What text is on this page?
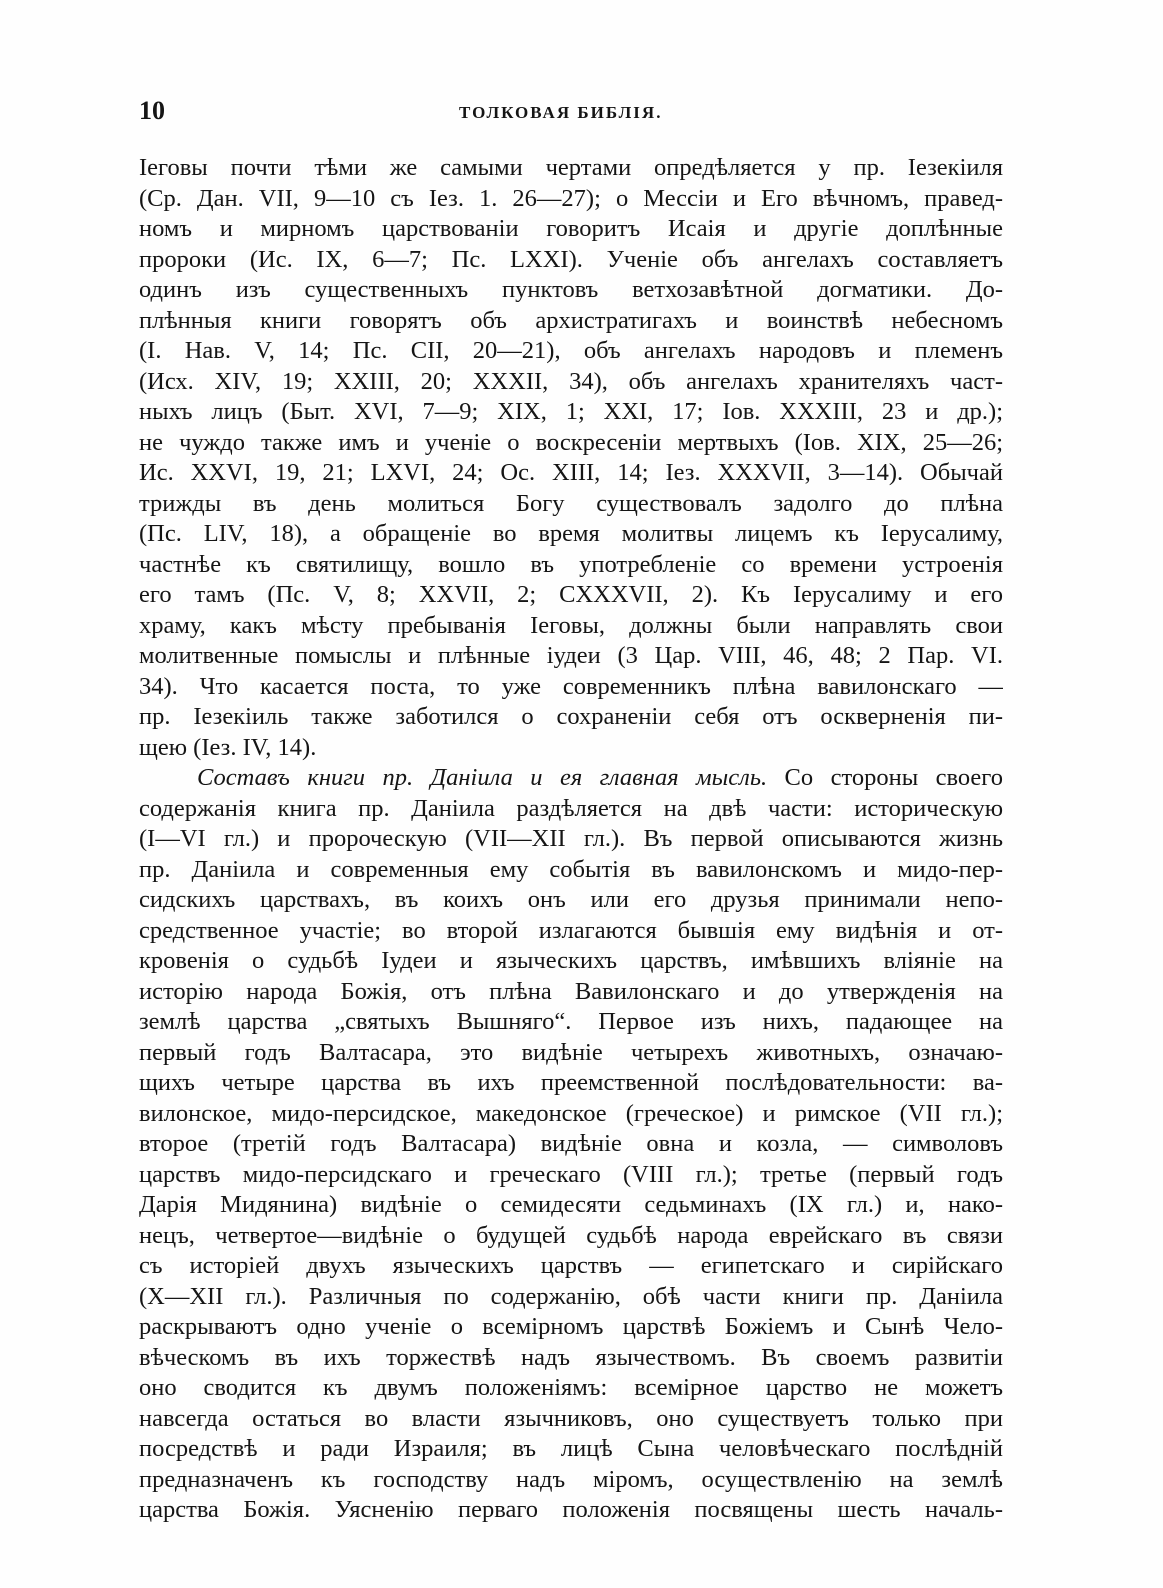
10	ТОЛКОВАЯ БИБЛІЯ.
Іеговы почти тѣми же самыми чертами опредѣляется у пр. Іезекіиля
(Ср. Дан. VII, 9—10 съ Іез. 1. 26—27); о Мессіи и Его вѣчномъ, правед-
номъ и мирномъ царствованіи говоритъ Исаія и другіе доплѣнные
пророки (Ис. IX, 6—7; Пс. LXXI). Ученіе объ ангелахъ составляетъ
одинъ изъ существенныхъ пунктовъ ветхозавѣтной догматики. До-
плѣнныя книги говорятъ объ архистратигахъ и воинствѣ небесномъ
(І. Нав. V, 14; Пс. СІІ, 20—21), объ ангелахъ народовъ и племенъ
(Исх. XIV, 19; XXIII, 20; XXXII, 34), объ ангелахъ хранителяхъ част-
ныхъ лицъ (Быт. XVI, 7—9; XIX, 1; XXI, 17; Іов. XXXIII, 23 и др.);
не чуждо также имъ и ученіе о воскресеніи мертвыхъ (Іов. XIX, 25—26;
Ис. XXVI, 19, 21; LXVI, 24; Ос. XIII, 14; Іез. XXXVII, 3—14). Обычай
трижды въ день молиться Богу существовалъ задолго до плѣна
(Пс. LIV, 18), а обращеніе во время молитвы лицемъ къ Іерусалиму,
частнѣе къ святилищу, вошло въ употребленіе со времени устроенія
его тамъ (Пс. V, 8; XXVII, 2; CXXXVII, 2). Къ Іерусалиму и его
храму, какъ мѣсту пребыванія Іеговы, должны были направлять свои
молитвенные помыслы и плѣнные іудеи (3 Цар. VIII, 46, 48; 2 Пар. VI.
34). Что касается поста, то уже современникъ плѣна вавилонскаго —
пр. Іезекіиль также заботился о сохраненіи себя отъ оскверненія пи-
щею (Іез. IV, 14).
Составъ книги пр. Даніила и ея главная мысль. Со стороны своего
содержанія книга пр. Даніила раздѣляется на двѣ части: историческую
(I—VI гл.) и пророческую (VII—XII гл.). Въ первой описываются жизнь
пр. Даніила и современныя ему событія въ вавилонскомъ и мидо-пер-
сидскихъ царствахъ, въ коихъ онъ или его друзья принимали непо-
средственное участіе; во второй излагаются бывшія ему видѣнія и от-
кровенія о судьбѣ Іудеи и языческихъ царствъ, имѣвшихъ вліяніе на
исторію народа Божія, отъ плѣна Вавилонскаго и до утвержденія на
землѣ царства „святыхъ Вышняго“. Первое изъ нихъ, падающее на
первый годъ Валтасара, это видѣніе четырехъ животныхъ, означаю-
щихъ четыре царства въ ихъ преемственной послѣдовательности: ва-
вилонское, мидо-персидское, македонское (греческое) и римское (VII гл.);
второе (третій годъ Валтасара) видѣніе овна и козла, — символовъ
царствъ мидо-персидскаго и греческаго (VIII гл.); третье (первый годъ
Дарія Мидянина) видѣніе о семидесяти седьминахъ (IX гл.) и, нако-
нецъ, четвертое—видѣніе о будущей судьбѣ народа еврейскаго въ связи
съ исторіей двухъ языческихъ царствъ — египетскаго и сирійскаго
(X—XII гл.). Различныя по содержанію, обѣ части книги пр. Даніила
раскрываютъ одно ученіе о всемірномъ царствѣ Божіемъ и Сынѣ Чело-
вѣческомъ въ ихъ торжествѣ надъ язычествомъ. Въ своемъ развитіи
оно сводится къ двумъ положеніямъ: всемірное царство не можетъ
навсегда остаться во власти язычниковъ, оно существуетъ только при
посредствѣ и ради Израиля; въ лицѣ Сына человѣческаго послѣдній
предназначенъ къ господству надъ міромъ, осуществленію на землѣ
царства Божія. Уясненію перваго положенія посвящены шесть началь-
